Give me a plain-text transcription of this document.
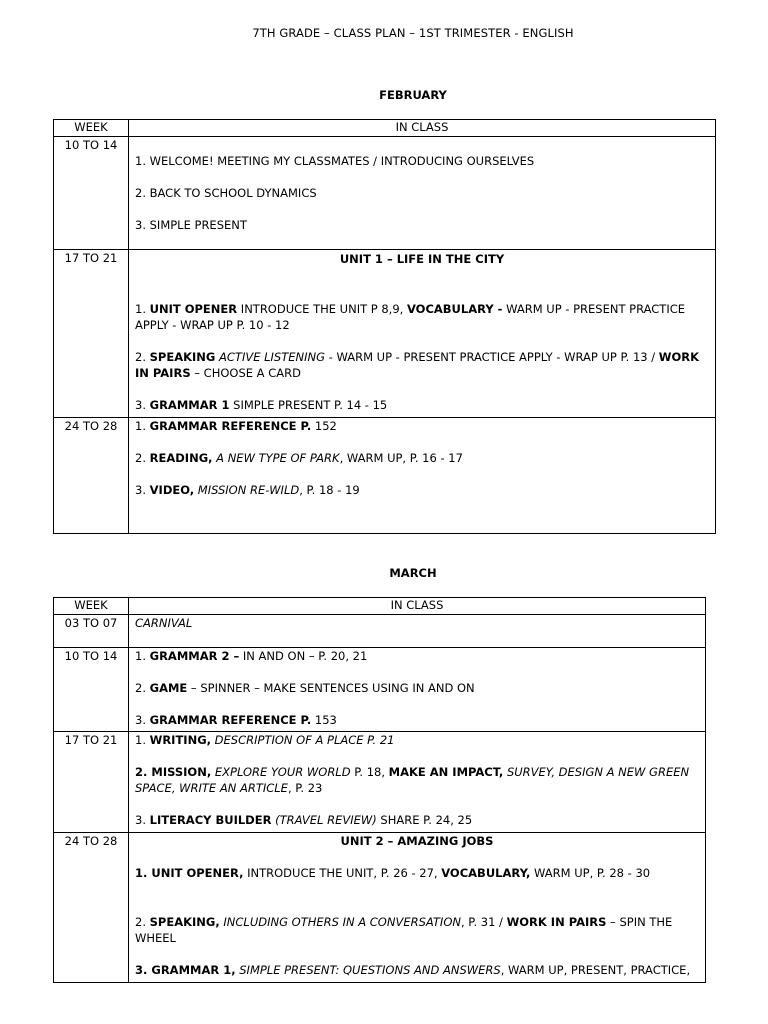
7TH GRADE – CLASS PLAN – 1ST TRIMESTER - ENGLISH
FEBRUARY
WEEK	IN CLASS
10 TO 14	1. WELCOME! MEETING MY CLASSMATES / INTRODUCING OURSELVES

2. BACK TO SCHOOL DYNAMICS

3. SIMPLE PRESENT

17 TO 21	UNIT 1 – LIFE IN THE CITY

1. UNIT OPENER INTRODUCE THE UNIT P 8,9, VOCABULARY - WARM UP - PRESENT PRACTICE APPLY - WRAP UP P. 10 - 12

2. SPEAKING ACTIVE LISTENING - WARM UP - PRESENT PRACTICE APPLY - WRAP UP P. 13 / WORK IN PAIRS – CHOOSE A CARD

3. GRAMMAR 1 SIMPLE PRESENT P. 14 - 15

24 TO 28	1. GRAMMAR REFERENCE P. 152

2. READING, A NEW TYPE OF PARK, WARM UP, P. 16 - 17

3. VIDEO, MISSION RE-WILD, P. 18 - 19

MARCH
WEEK	IN CLASS
03 TO 07	CARNIVAL

10 TO 14	1. GRAMMAR 2 – IN AND ON – P. 20, 21

2. GAME – SPINNER – MAKE SENTENCES USING IN AND ON

3. GRAMMAR REFERENCE P. 153

17 TO 21	1. WRITING, DESCRIPTION OF A PLACE P. 21

2. MISSION, EXPLORE YOUR WORLD P. 18, MAKE AN IMPACT, SURVEY, DESIGN A NEW GREEN SPACE, WRITE AN ARTICLE, P. 23

3. LITERACY BUILDER (TRAVEL REVIEW) SHARE P. 24, 25

24 TO 28	UNIT 2 – AMAZING JOBS

1. UNIT OPENER, INTRODUCE THE UNIT, P. 26 - 27, VOCABULARY, WARM UP, P. 28 - 30

2. SPEAKING, INCLUDING OTHERS IN A CONVERSATION, P. 31 / WORK IN PAIRS – SPIN THE WHEEL

3. GRAMMAR 1, SIMPLE PRESENT: QUESTIONS AND ANSWERS, WARM UP, PRESENT, PRACTICE,
